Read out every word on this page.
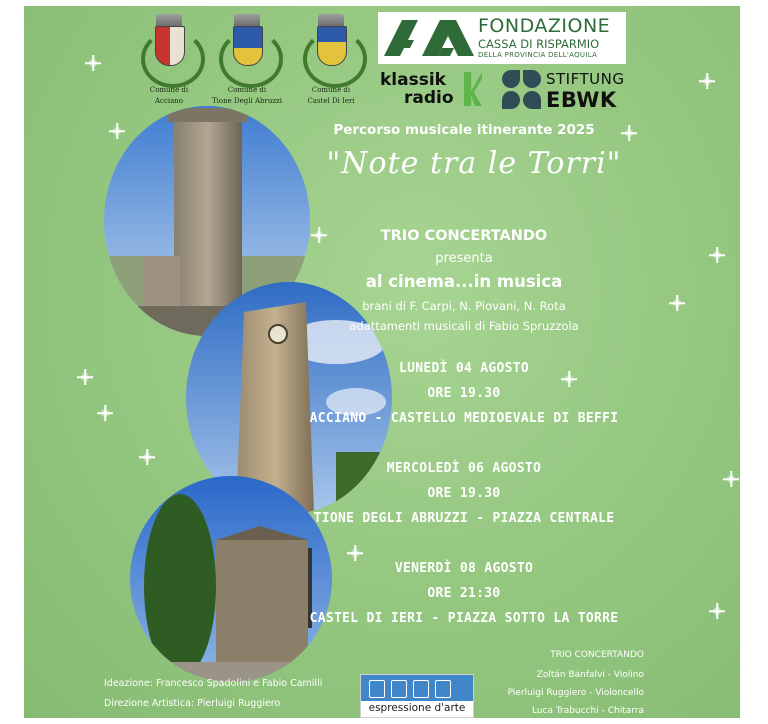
Comune di
Acciano
Comune di
Tione Degli Abruzzi
Comune di
Castel Di Ieri
FONDAZIONE
CASSA DI RISPARMIO
DELLA PROVINCIA DELL'AQUILA
klassik
radio
STIFTUNG
EBWK
Percorso musicale itinerante 2025
"Note tra le Torri"
TRIO CONCERTANDO
presenta
al cinema...in musica
brani di F. Carpi, N. Piovani, N. Rota
adattamenti musicali di Fabio Spruzzola
LUNEDÌ 04 AGOSTO
ORE 19.30
ACCIANO - CASTELLO MEDIOEVALE DI BEFFI
MERCOLEDÌ 06 AGOSTO
ORE 19.30
TIONE DEGLI ABRUZZI - PIAZZA CENTRALE
VENERDÌ 08 AGOSTO
ORE 21:30
CASTEL DI IERI - PIAZZA SOTTO LA TORRE
Ideazione: Francesco Spadolini e Fabio Camilli
Direzione Artistica: Pierluigi Ruggiero	espressione d'arte
TRIO CONCERTANDO
Zoltán Bánfalvi - Violino
Pierluigi Ruggiero - Violoncello
Luca Trabucchi - Chitarra
